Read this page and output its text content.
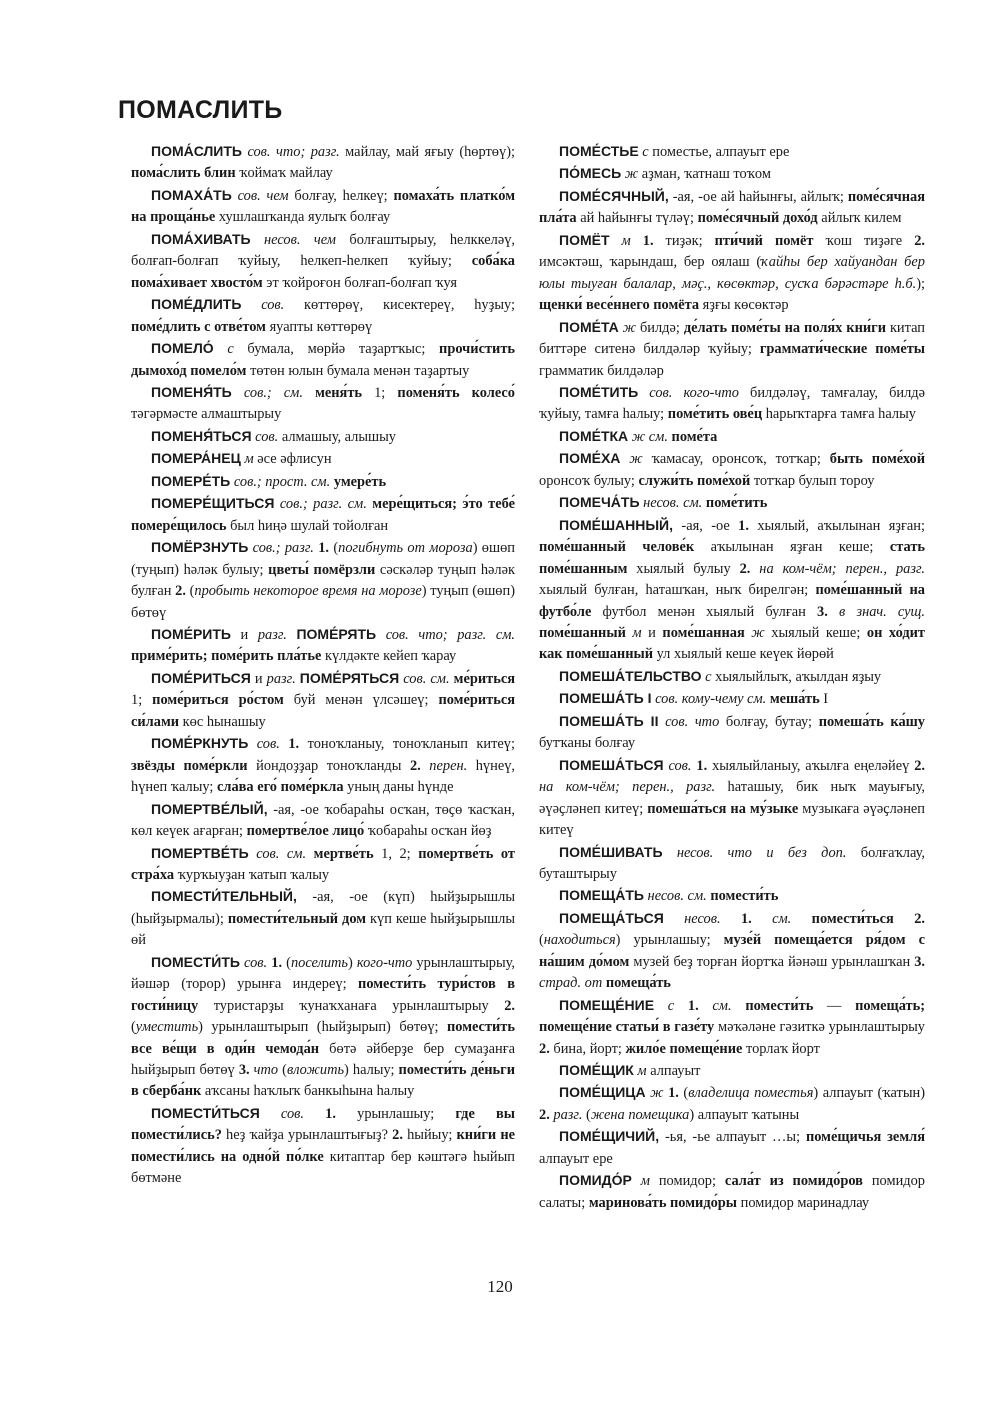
ПОМАСЛИТЬ

ПОМА́СЛИТЬ сов. что; разг. майлау, май яғыу (һөртөү); пома́слить блин ҡоймаҡ майлау

ПОМАХА́ТЬ сов. чем болғау, һелкеү; помаха́ть платко́м на проща́нье хушлашҡанда яулыҡ болғау

ПОМА́ХИВАТЬ несов. чем болғаштырыу, һелккеләү, болғап-болғап ҡуйыу, һелкеп-һелкеп ҡуйыу; соба́ка пома́хивает хвосто́м эт ҡойроғон болғап-болғап ҡуя

ПОМЕ́ДЛИТЬ сов. көттөрөү, кисектереү, һуҙыу; поме́длить с отве́том яуапты көттөрөү

ПОМЕЛО́ с бумала, мөрйә таҙартҡыс; прочи́стить дымохо́д помело́м төтөн юлын бумала менән таҙартыу

ПОМЕНЯ́ТЬ сов.; см. меня́ть 1; поменя́ть колесо́ тәгәрмәсте алмаштырыу

ПОМЕНЯ́ТЬСЯ сов. алмашыу, алышыу

ПОМЕРА́НЕЦ м әсе әфлисун

ПОМЕРЕ́ТЬ сов.; прост. см. умере́ть

ПОМЕРЕ́ЩИТЬСЯ сов.; разг. см. мере́щиться; э́то тебе́ помере́щилось был һиңә шулай тойолған

ПОМЁРЗНУТЬ сов.; разг. 1. (погибнуть от мороза) өшөп (туңып) һәләк булыу; цветы́ помёрзли сәскәләр туңып һәләк булған 2. (пробыть некоторое время на морозе) туңып (өшөп) бөтөү

ПОМЕ́РИТЬ и разг. ПОМЕ́РЯТЬ сов. что; разг. см. приме́рить; поме́рить пла́тье күлдәкте кейеп ҡарау

ПОМЕ́РИТЬСЯ и разг. ПОМЕ́РЯТЬСЯ сов. см. ме́риться 1; поме́риться ро́стом буй менән үлсәшеү; поме́риться си́лами көс һынашыу

ПОМЕ́РКНУТЬ сов. 1. тоноҡланыу, тоноҡланып китеү; звёзды поме́ркли йондоҙҙар тоноҡланды 2. перен. һүнеү, һүнеп ҡалыу; сла́ва его́ поме́ркла уның даны һүнде

ПОМЕРТВЕ́ЛЫЙ, -ая, -ое ҡобараһы осҡан, төҫө ҡасҡан, көл кеүек ағарған; помертве́лое лицо́ ҡобараһы осҡан йөҙ

ПОМЕРТВЕ́ТЬ сов. см. мертве́ть 1, 2; помертве́ть от стра́ха ҡурҡыуҙан ҡатып ҡалыу

ПОМЕСТИ́ТЕЛЬНЫЙ, -ая, -ое (күп) һыйҙырышлы (һыйҙырмалы); помести́тельный дом күп кеше һыйҙырышлы өй

ПОМЕСТИ́ТЬ сов. 1. (поселить) кого-что урынлаштырыу, йәшәр (торор) урынға индереү; помести́ть тури́стов в гости́ницу туристарҙы ҡунаҡханаға урынлаштырыу 2. (уместить) урынлаштырып (һыйҙырып) бөтөү; помести́ть все ве́щи в оди́н чемода́н бөтә әйберҙе бер сумаҙанға һыйҙырып бөтөү 3. что (вложить) һалыу; помести́ть де́ньги в сберба́нк аҡсаны һаҡлыҡ банкыһына һалыу

ПОМЕСТИ́ТЬСЯ сов. 1. урынлашыу; где вы помести́лись? һеҙ ҡайҙа урынлаштығыҙ? 2. һыйыу; кни́ги не помести́лись на одно́й по́лке китаптар бер кәштәгә һыйып бөтмәне

ПОМЕ́СТЬЕ с поместье, алпауыт ере

ПО́МЕСЬ ж аҙман, ҡатнаш тоҡом

ПОМЕ́СЯЧНЫЙ, -ая, -ое ай һайынғы, айлыҡ; поме́сячная пла́та ай һайынғы түләү; поме́сячный дохо́д айлыҡ килем

ПОМЁТ м 1. тиҙәк; пти́чий помёт ҡош тиҙәге 2. имсәктәш, ҡарындаш, бер оялаш (ҡайһы бер хайуандан бер юлы тыуған балалар, мәҫ., көсөктәр, сусҡа бәрәстәре һ.б.); щенки́ весе́ннего помёта яҙғы көсөктәр

ПОМЕ́ТА ж билдә; де́лать поме́ты на поля́х кни́ги китап биттәре ситенә билдәләр ҡуйыу; граммати́ческие поме́ты грамматик билдәләр

ПОМЕ́ТИТЬ сов. кого-что билдәләү, тамғалау, билдә ҡуйыу, тамға һалыу; поме́тить ове́ц һарыҡтарға тамға һалыу

ПОМЕ́ТКА ж см. поме́та

ПОМЕ́ХА ж ҡамасау, оронсоҡ, тотҡар; быть поме́хой оронсоҡ булыу; служи́ть поме́хой тотҡар булып тороу

ПОМЕЧА́ТЬ несов. см. поме́тить

ПОМЕ́ШАННЫЙ, -ая, -ое 1. хыялый, аҡылынан яҙған; поме́шанный челове́к аҡылынан яҙған кеше; стать поме́шанным хыялый булыу 2. на ком-чём; перен., разг. хыялый булған, һаташҡан, ныҡ бирелгән; поме́шанный на футбо́ле футбол менән хыялый булған 3. в знач. сущ. поме́шанный м и поме́шанная ж хыялый кеше; он хо́дит как поме́шанный ул хыялый кеше кеүек йөрөй

ПОМЕША́ТЕЛЬСТВО с хыялыйлыҡ, аҡылдан яҙыу

ПОМЕША́ТЬ I сов. кому-чему см. меша́ть I

ПОМЕША́ТЬ II сов. что болғау, бутау; помеша́ть ка́шу бутҡаны болғау

ПОМЕША́ТЬСЯ сов. 1. хыялыйланыу, аҡылға еңеләйеү 2. на ком-чём; перен., разг. һаташыу, бик ныҡ мауығыу, әүәҫләнеп китеү; помеша́ться на му́зыке музыкаға әүәҫләнеп китеү

ПОМЕ́ШИВАТЬ несов. что и без доп. болғаҡлау, буташтырыу

ПОМЕЩА́ТЬ несов. см. помести́ть

ПОМЕЩА́ТЬСЯ несов. 1. см. помести́ться 2. (находиться) урынлашыу; музе́й помеща́ется ря́дом с на́шим до́мом музей беҙ торған йортҡа йәнәш урынлашҡан 3. страд. от помеща́ть

ПОМЕЩЕ́НИЕ с 1. см. помести́ть — помеща́ть; помеще́ние статьи́ в газе́ту мәҡәләне гәзиткә урынлаштырыу 2. бина, йорт; жило́е помеще́ние торлаҡ йорт

ПОМЕ́ЩИК м алпауыт

ПОМЕ́ЩИЦА ж 1. (владелица поместья) алпауыт (ҡатын) 2. разг. (жена помещика) алпауыт ҡатыны

ПОМЕ́ЩИЧИЙ, -ья, -ье алпауыт …ы; поме́щичья земля́ алпауыт ере

ПОМИДО́Р м помидор; сала́т из помидо́ров помидор салаты; маринова́ть помидо́ры помидор маринадлау

120
